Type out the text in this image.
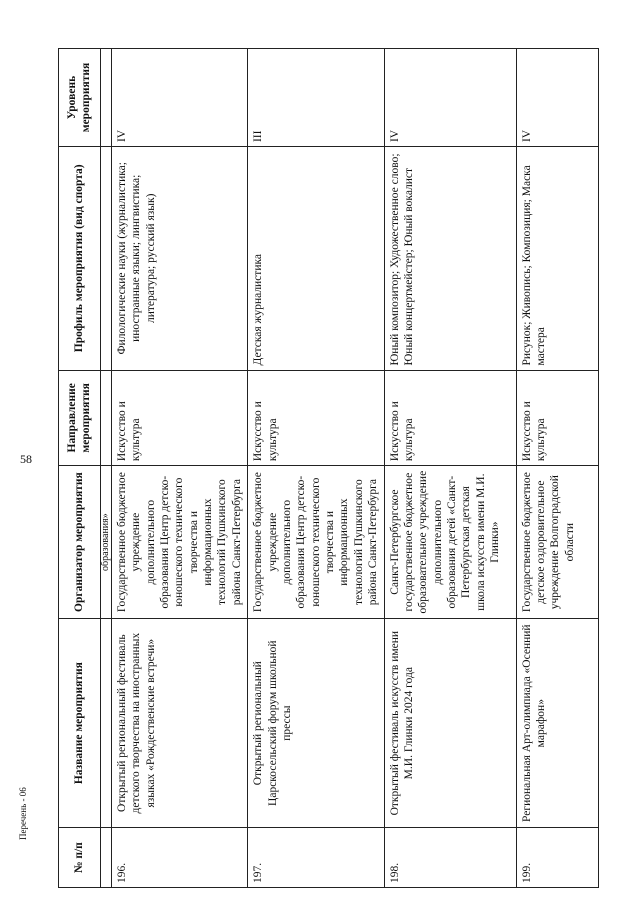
58
Перечень - 06
№ п/п	Название мероприятия	Организатор мероприятия	Направление мероприятия	Профиль мероприятия (вид спорта)	Уровень мероприятия
		образования»			
196.	Открытый региональный фестиваль детского творчества на иностранных языках «Рождественские встречи»	Государственное бюджетное учреждение дополнительного образования Центр детско-юношеского технического творчества и информационных технологий Пушкинского района Санкт-Петербурга	Искусство и культура	Филологические науки (журналистика; иностранные языки; лингвистика; литература; русский язык)	IV
197.	Открытый региональный Царскосельский форум школьной прессы	Государственное бюджетное учреждение дополнительного образования Центр детско-юношеского технического творчества и информационных технологий Пушкинского района Санкт-Петербурга	Искусство и культура	Детская журналистика	III
198.	Открытый фестиваль искусств имени М.И. Глинки 2024 года	Санкт-Петербургское государственное бюджетное образовательное учреждение дополнительного образования детей «Санкт-Петербургская детская школа искусств имени М.И. Глинки»	Искусство и культура	Юный композитор; Художественное слово; Юный концертмейстер; Юный вокалист	IV
199.	Региональная Арт-олимпиада «Осенний марафон»	Государственное бюджетное детское оздоровительное учреждение Волгоградской области	Искусство и культура	Рисунок; Живопись; Композиция; Маска мастера	IV
